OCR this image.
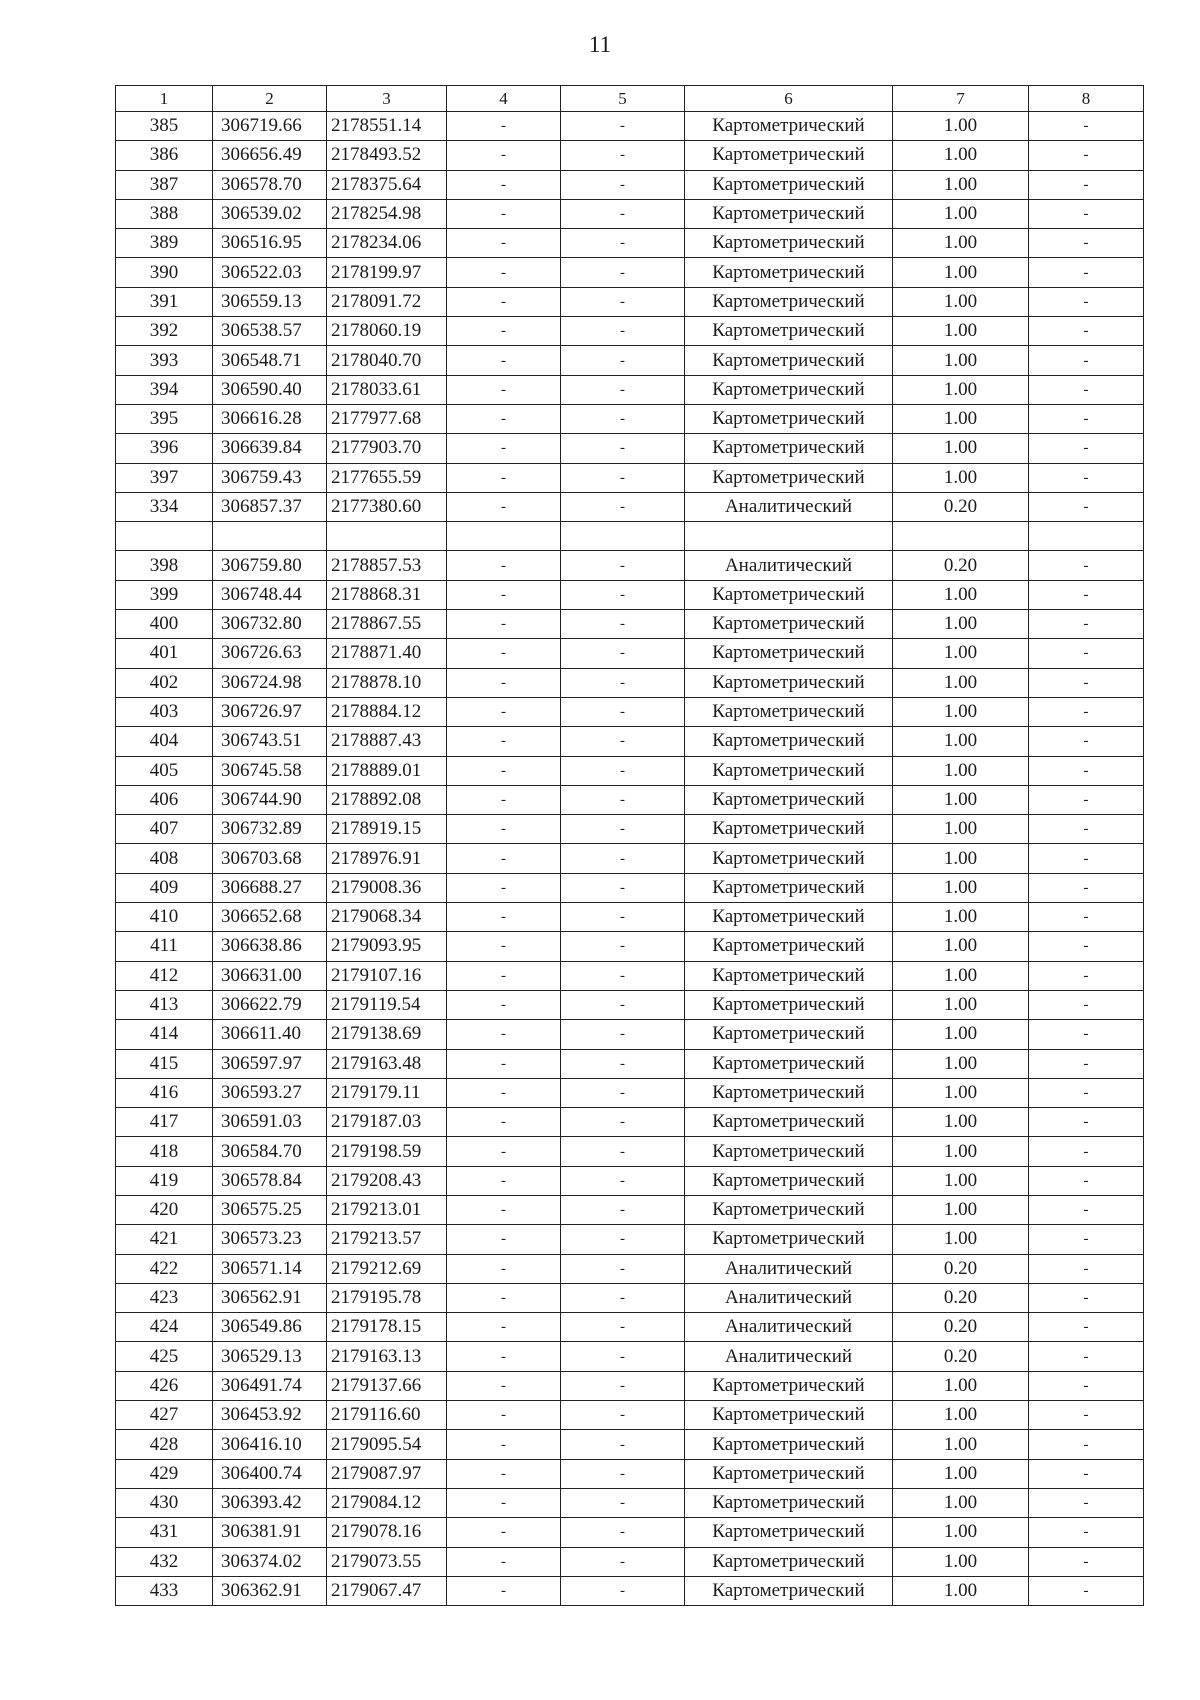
11
1	2	3	4	5	6	7	8
385	306719.66	2178551.14	-	-	Картометрический	1.00	-
386	306656.49	2178493.52	-	-	Картометрический	1.00	-
387	306578.70	2178375.64	-	-	Картометрический	1.00	-
388	306539.02	2178254.98	-	-	Картометрический	1.00	-
389	306516.95	2178234.06	-	-	Картометрический	1.00	-
390	306522.03	2178199.97	-	-	Картометрический	1.00	-
391	306559.13	2178091.72	-	-	Картометрический	1.00	-
392	306538.57	2178060.19	-	-	Картометрический	1.00	-
393	306548.71	2178040.70	-	-	Картометрический	1.00	-
394	306590.40	2178033.61	-	-	Картометрический	1.00	-
395	306616.28	2177977.68	-	-	Картометрический	1.00	-
396	306639.84	2177903.70	-	-	Картометрический	1.00	-
397	306759.43	2177655.59	-	-	Картометрический	1.00	-
334	306857.37	2177380.60	-	-	Аналитический	0.20	-

398	306759.80	2178857.53	-	-	Аналитический	0.20	-
399	306748.44	2178868.31	-	-	Картометрический	1.00	-
400	306732.80	2178867.55	-	-	Картометрический	1.00	-
401	306726.63	2178871.40	-	-	Картометрический	1.00	-
402	306724.98	2178878.10	-	-	Картометрический	1.00	-
403	306726.97	2178884.12	-	-	Картометрический	1.00	-
404	306743.51	2178887.43	-	-	Картометрический	1.00	-
405	306745.58	2178889.01	-	-	Картометрический	1.00	-
406	306744.90	2178892.08	-	-	Картометрический	1.00	-
407	306732.89	2178919.15	-	-	Картометрический	1.00	-
408	306703.68	2178976.91	-	-	Картометрический	1.00	-
409	306688.27	2179008.36	-	-	Картометрический	1.00	-
410	306652.68	2179068.34	-	-	Картометрический	1.00	-
411	306638.86	2179093.95	-	-	Картометрический	1.00	-
412	306631.00	2179107.16	-	-	Картометрический	1.00	-
413	306622.79	2179119.54	-	-	Картометрический	1.00	-
414	306611.40	2179138.69	-	-	Картометрический	1.00	-
415	306597.97	2179163.48	-	-	Картометрический	1.00	-
416	306593.27	2179179.11	-	-	Картометрический	1.00	-
417	306591.03	2179187.03	-	-	Картометрический	1.00	-
418	306584.70	2179198.59	-	-	Картометрический	1.00	-
419	306578.84	2179208.43	-	-	Картометрический	1.00	-
420	306575.25	2179213.01	-	-	Картометрический	1.00	-
421	306573.23	2179213.57	-	-	Картометрический	1.00	-
422	306571.14	2179212.69	-	-	Аналитический	0.20	-
423	306562.91	2179195.78	-	-	Аналитический	0.20	-
424	306549.86	2179178.15	-	-	Аналитический	0.20	-
425	306529.13	2179163.13	-	-	Аналитический	0.20	-
426	306491.74	2179137.66	-	-	Картометрический	1.00	-
427	306453.92	2179116.60	-	-	Картометрический	1.00	-
428	306416.10	2179095.54	-	-	Картометрический	1.00	-
429	306400.74	2179087.97	-	-	Картометрический	1.00	-
430	306393.42	2179084.12	-	-	Картометрический	1.00	-
431	306381.91	2179078.16	-	-	Картометрический	1.00	-
432	306374.02	2179073.55	-	-	Картометрический	1.00	-
433	306362.91	2179067.47	-	-	Картометрический	1.00	-
